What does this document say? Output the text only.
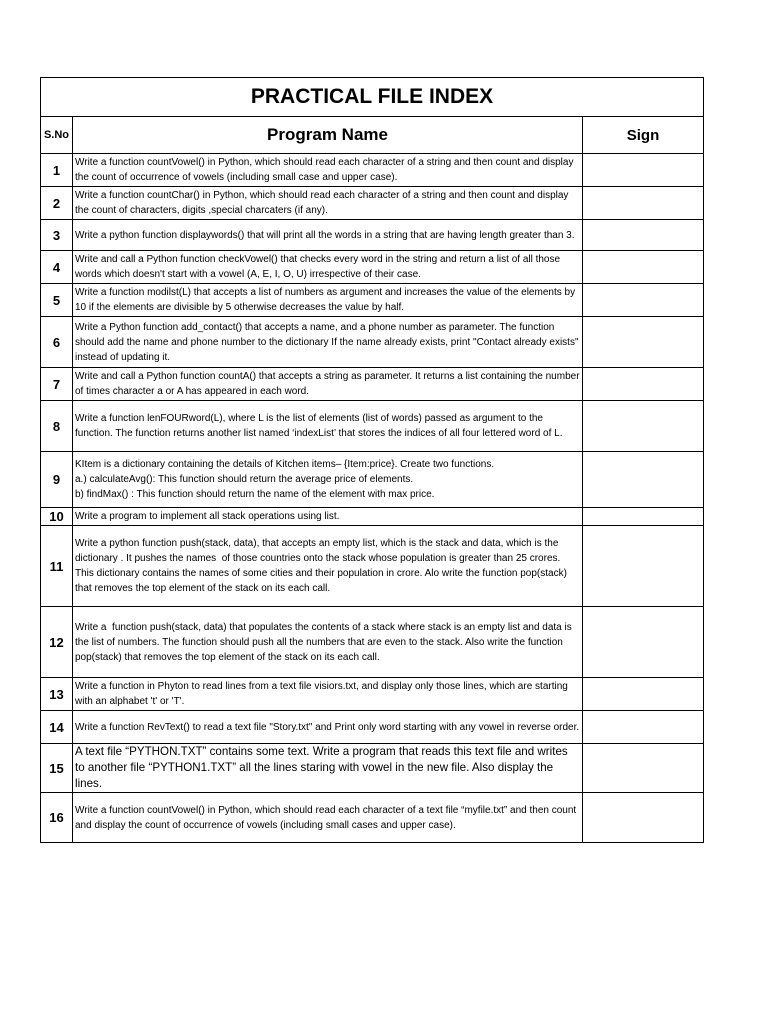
PRACTICAL FILE INDEX		
S.No	Program Name	Sign
1	Write a function countVowel() in Python, which should read each character of a string and then count and display the count of occurrence of vowels (including small case and upper case).	
2	Write a function countChar() in Python, which should read each character of a string and then count and display the count of characters, digits ,special charcaters (if any).	
3	Write a python function displaywords() that will print all the words in a string that are having length greater than 3.	
4	Write and call a Python function checkVowel() that checks every word in the string and return a list of all those words which doesn't start with a vowel (A, E, I, O, U) irrespective of their case.	
5	Write a function modilst(L) that accepts a list of numbers as argument and increases the value of the elements by 10 if the elements are divisible by 5 otherwise decreases the value by half.	
6	Write a Python function add_contact() that accepts a name, and a phone number as parameter. The function should add the name and phone number to the dictionary If the name already exists, print "Contact already exists" instead of updating it.	
7	Write and call a Python function countA() that accepts a string as parameter. It returns a list containing the number of times character a or A has appeared in each word.	
8	Write a function lenFOURword(L), where L is the list of elements (list of words) passed as argument to the function. The function returns another list named ‘indexList’ that stores the indices of all four lettered word of L.	
9	KItem is a dictionary containing the details of Kitchen items– {Item:price}. Create two functions.
a.) calculateAvg(): This function should return the average price of elements.
b) findMax() : This function should return the name of the element with max price.	
10	Write a program to implement all stack operations using list.	
11	Write a python function push(stack, data), that accepts an empty list, which is the stack and data, which is the dictionary . It pushes the names  of those countries onto the stack whose population is greater than 25 crores. This dictionary contains the names of some cities and their population in crore. Alo write the function pop(stack) that removes the top element of the stack on its each call.	
12	Write a  function push(stack, data) that populates the contents of a stack where stack is an empty list and data is the list of numbers. The function should push all the numbers that are even to the stack. Also write the function pop(stack) that removes the top element of the stack on its each call.	
13	Write a function in Phyton to read lines from a text file visiors.txt, and display only those lines, which are starting with an alphabet 't' or 'T'.	
14	Write a function RevText() to read a text file "Story.txt" and Print only word starting with any vowel in reverse order.	
15	A text file “PYTHON.TXT” contains some text. Write a program that reads this text file and writes to another file “PYTHON1.TXT” all the lines staring with vowel in the new file. Also display the lines.	
16	Write a function countVowel() in Python, which should read each character of a text file “myfile.txt” and then count and display the count of occurrence of vowels (including small cases and upper case).	
